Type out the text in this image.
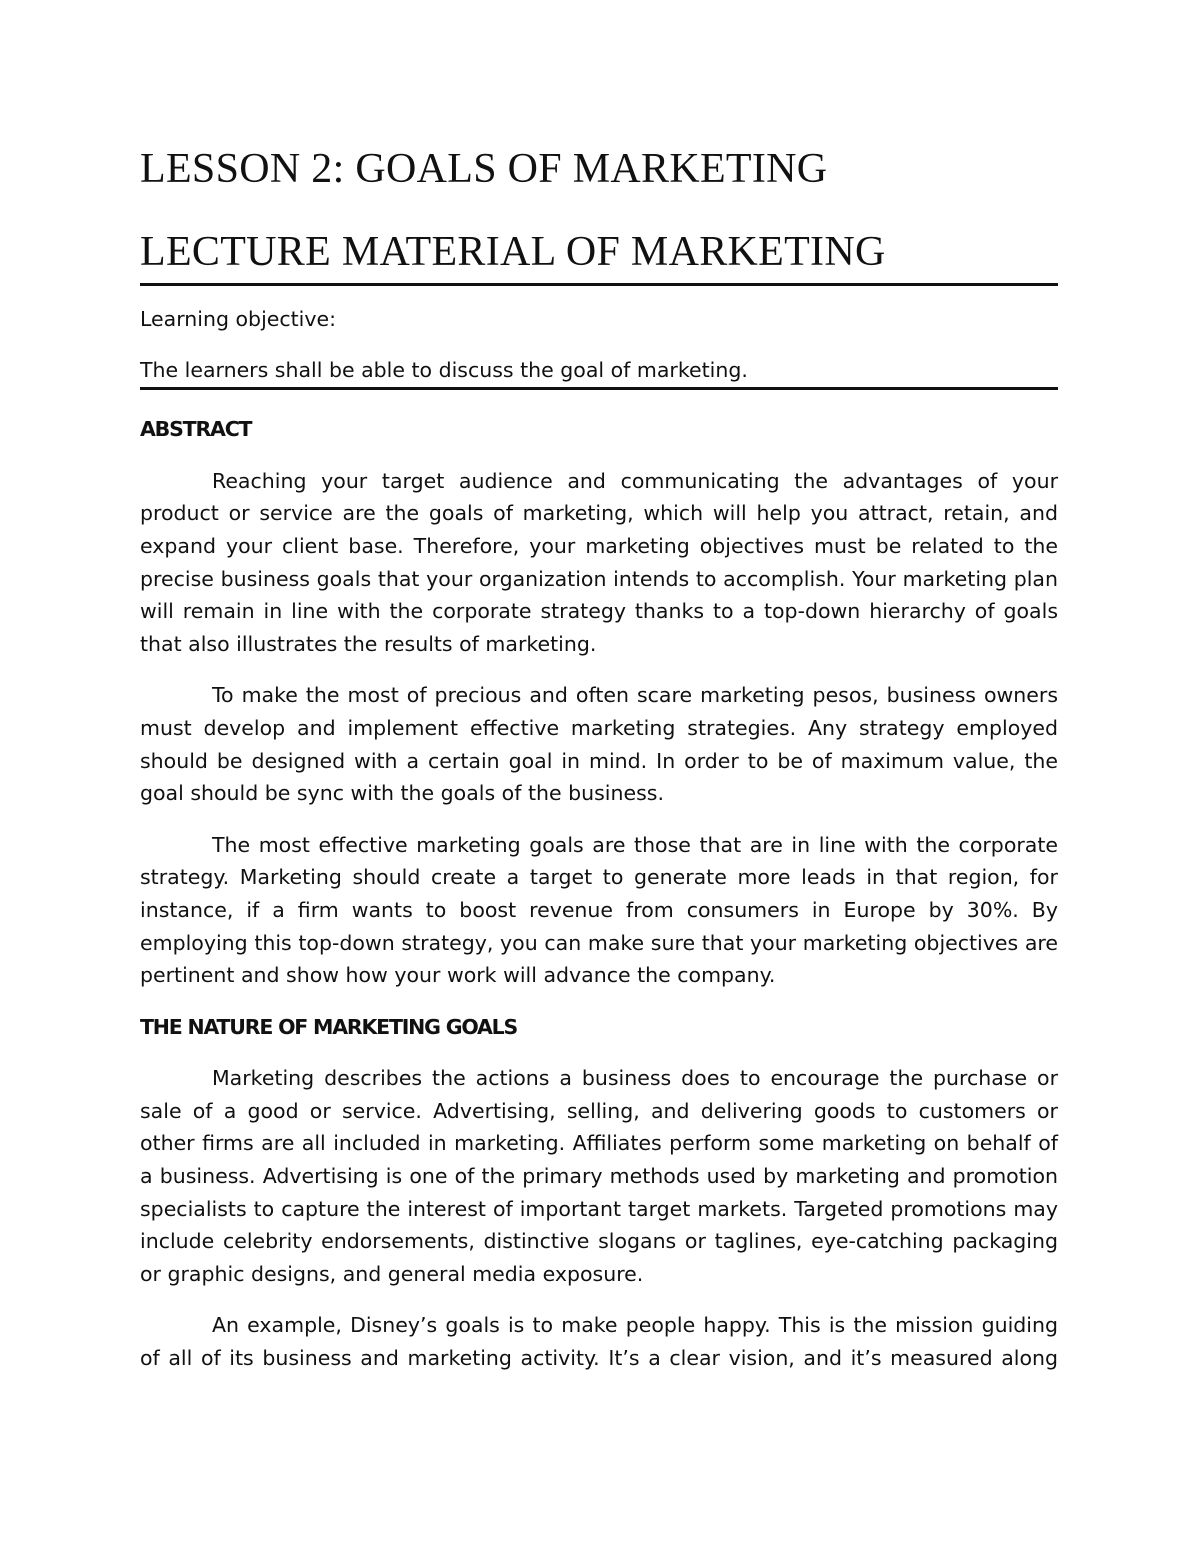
LESSON 2: GOALS OF MARKETING
LECTURE MATERIAL OF MARKETING
Learning objective:
The learners shall be able to discuss the goal of marketing.
ABSTRACT

Reaching your target audience and communicating the advantages of your product or service are the goals of marketing, which will help you attract, retain, and expand your client base. Therefore, your marketing objectives must be related to the precise business goals that your organization intends to accomplish. Your marketing plan will remain in line with the corporate strategy thanks to a top-down hierarchy of goals that also illustrates the results of marketing.

To make the most of precious and often scare marketing pesos, business owners must develop and implement effective marketing strategies. Any strategy employed should be designed with a certain goal in mind. In order to be of maximum value, the goal should be sync with the goals of the business.

The most effective marketing goals are those that are in line with the corporate strategy. Marketing should create a target to generate more leads in that region, for instance, if a firm wants to boost revenue from consumers in Europe by 30%. By employing this top-down strategy, you can make sure that your marketing objectives are pertinent and show how your work will advance the company.

THE NATURE OF MARKETING GOALS

Marketing describes the actions a business does to encourage the purchase or sale of a good or service. Advertising, selling, and delivering goods to customers or other firms are all included in marketing. Affiliates perform some marketing on behalf of a business. Advertising is one of the primary methods used by marketing and promotion specialists to capture the interest of important target markets. Targeted promotions may include celebrity endorsements, distinctive slogans or taglines, eye-catching packaging or graphic designs, and general media exposure.

An example, Disney’s goals is to make people happy. This is the mission guiding of all of its business and marketing activity. It’s a clear vision, and it’s measured along
